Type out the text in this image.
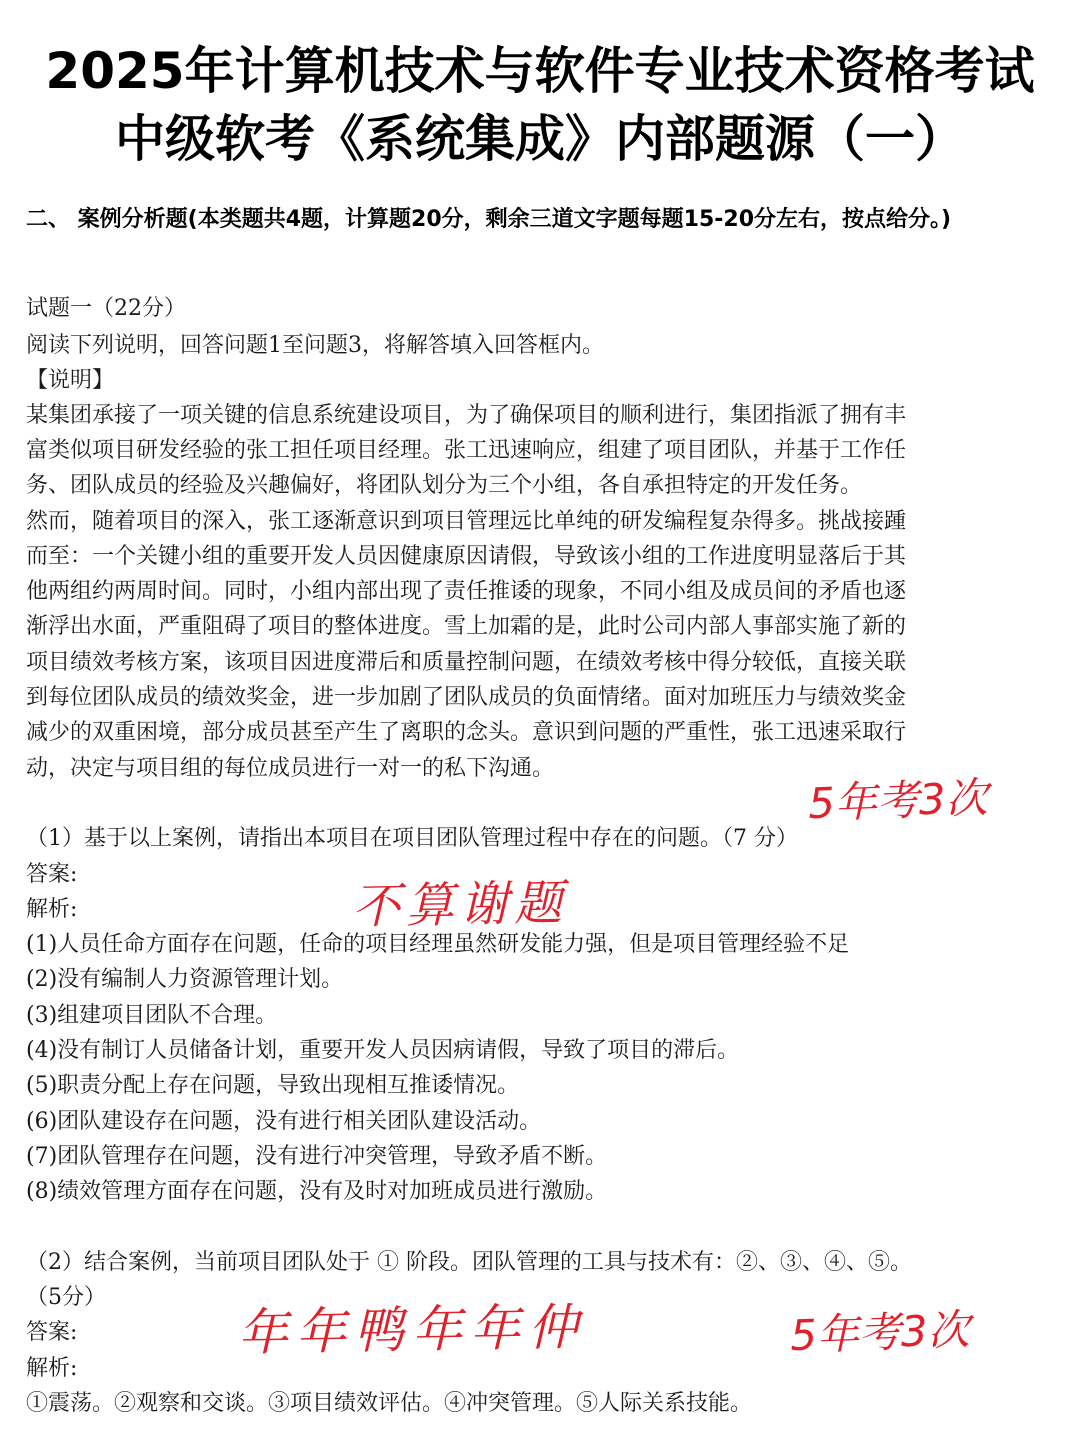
2025年计算机技术与软件专业技术资格考试
中级软考《系统集成》内部题源（一）
二、 案例分析题(本类题共4题，计算题20分，剩余三道文字题每题15-20分左右，按点给分。)
试题一（22分）
阅读下列说明，回答问题1至问题3，将解答填入回答框内。
【说明】
某集团承接了一项关键的信息系统建设项目，为了确保项目的顺利进行，集团指派了拥有丰
富类似项目研发经验的张工担任项目经理。张工迅速响应，组建了项目团队，并基于工作任
务、团队成员的经验及兴趣偏好，将团队划分为三个小组，各自承担特定的开发任务。
然而，随着项目的深入，张工逐渐意识到项目管理远比单纯的研发编程复杂得多。挑战接踵
而至：一个关键小组的重要开发人员因健康原因请假，导致该小组的工作进度明显落后于其
他两组约两周时间。同时，小组内部出现了责任推诿的现象，不同小组及成员间的矛盾也逐
渐浮出水面，严重阻碍了项目的整体进度。雪上加霜的是，此时公司内部人事部实施了新的
项目绩效考核方案，该项目因进度滞后和质量控制问题，在绩效考核中得分较低，直接关联
到每位团队成员的绩效奖金，进一步加剧了团队成员的负面情绪。面对加班压力与绩效奖金
减少的双重困境，部分成员甚至产生了离职的念头。意识到问题的严重性，张工迅速采取行
动，决定与项目组的每位成员进行一对一的私下沟通。
5年考3次
（1）基于以上案例，请指出本项目在项目团队管理过程中存在的问题。（7 分）
答案:
不算谢题
解析:
(1)人员任命方面存在问题，任命的项目经理虽然研发能力强，但是项目管理经验不足
(2)没有编制人力资源管理计划。
(3)组建项目团队不合理。
(4)没有制订人员储备计划，重要开发人员因病请假，导致了项目的滞后。
(5)职责分配上存在问题，导致出现相互推诿情况。
(6)团队建设存在问题，没有进行相关团队建设活动。
(7)团队管理存在问题，没有进行冲突管理，导致矛盾不断。
(8)绩效管理方面存在问题，没有及时对加班成员进行激励。
（2）结合案例，当前项目团队处于 ① 阶段。团队管理的工具与技术有：②、③、④、⑤。
（5分）
答案:	年年鸭年年仲	5年考3次
解析:
①震荡。②观察和交谈。③项目绩效评估。④冲突管理。⑤人际关系技能。
